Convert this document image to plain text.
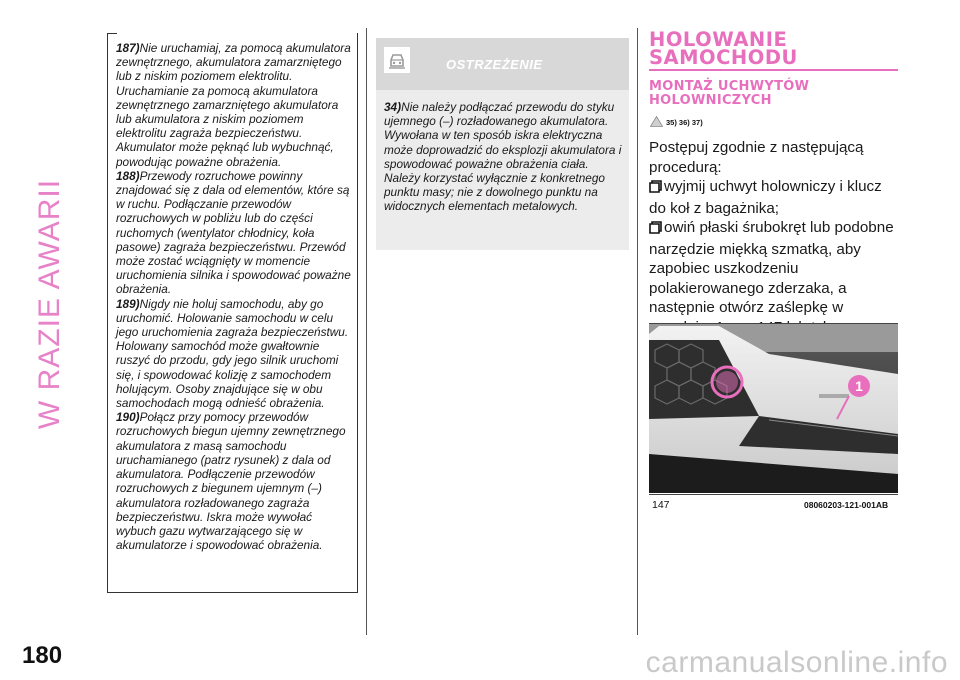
W RAZIE AWARII

187)Nie uruchamiaj, za pomocą akumulatora zewnętrznego, akumulatora zamarzniętego lub z niskim poziomem elektrolitu. Uruchamianie za pomocą akumulatora zewnętrznego zamarzniętego akumulatora lub akumulatora z niskim poziomem elektrolitu zagraża bezpieczeństwu. Akumulator może pęknąć lub wybuchnąć, powodując poważne obrażenia.

188)Przewody rozruchowe powinny znajdować się z dala od elementów, które są w ruchu. Podłączanie przewodów rozruchowych w pobliżu lub do części ruchomych (wentylator chłodnicy, koła pasowe) zagraża bezpieczeństwu. Przewód może zostać wciągnięty w momencie uruchomienia silnika i spowodować poważne obrażenia.

189)Nigdy nie holuj samochodu, aby go uruchomić. Holowanie samochodu w celu jego uruchomienia zagraża bezpieczeństwu. Holowany samochód może gwałtownie ruszyć do przodu, gdy jego silnik uruchomi się, i spowodować kolizję z samochodem holującym. Osoby znajdujące się w obu samochodach mogą odnieść obrażenia.

190)Połącz przy pomocy przewodów rozruchowych biegun ujemny zewnętrznego akumulatora z masą samochodu uruchamianego (patrz rysunek) z dala od akumulatora. Podłączenie przewodów rozruchowych z biegunem ujemnym (–) akumulatora rozładowanego zagraża bezpieczeństwu. Iskra może wywołać wybuch gazu wytwarzającego się w akumulatorze i spowodować obrażenia.

OSTRZEŻENIE

34)Nie należy podłączać przewodu do styku ujemnego (–) rozładowanego akumulatora. Wywołana w ten sposób iskra elektryczna może doprowadzić do eksplozji akumulatora i spowodować poważne obrażenia ciała. Należy korzystać wyłącznie z konkretnego punktu masy; nie z dowolnego punktu na widocznych elementach metalowych.

HOLOWANIE
SAMOCHODU
MONTAŻ UCHWYTÓW
HOLOWNICZYCH
35) 36) 37)

Postępuj zgodnie z następującą

procedurą:

wyjmij uchwyt holowniczy i klucz do koł z bagażnika;

owiń płaski śrubokręt lub podobne narzędzie miękką szmatką, aby zapobiec uszkodzeniu polakierowanego zderzaka, a następnie otwórz zaślepkę w

1
147	08060203-121-001AB
180	carmanualsonline.info
